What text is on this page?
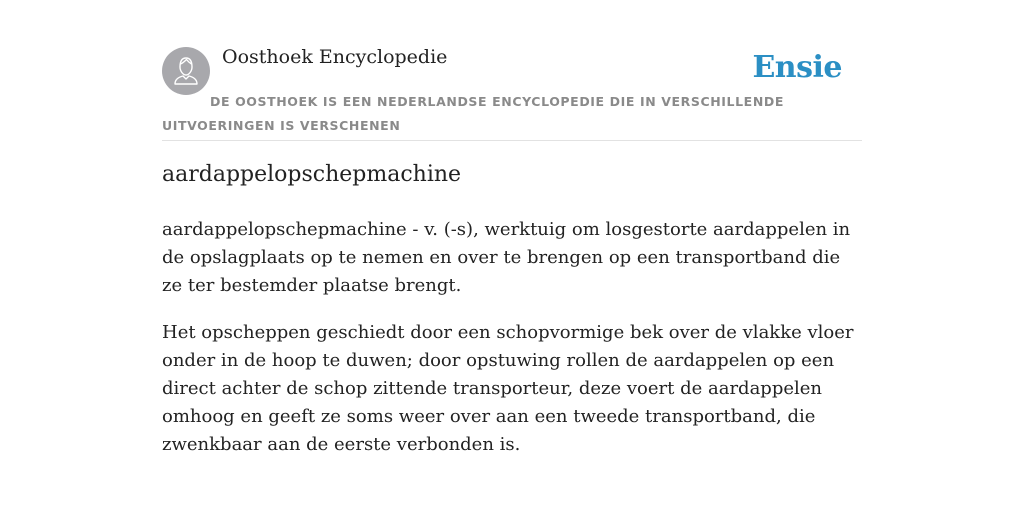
Oosthoek Encyclopedie	Ensie
DE OOSTHOEK IS EEN NEDERLANDSE ENCYCLOPEDIE DIE IN VERSCHILLENDE UITVOERINGEN IS VERSCHENEN
aardappelopschepmachine

aardappelopschepmachine - v. (-s), werktuig om losgestorte aardappelen in de opslagplaats op te nemen en over te brengen op een transportband die ze ter bestemder plaatse brengt.

Het opscheppen geschiedt door een schopvormige bek over de vlakke vloer onder in de hoop te duwen; door opstuwing rollen de aardappelen op een direct achter de schop zittende transporteur, deze voert de aardappelen omhoog en geeft ze soms weer over aan een tweede transportband, die zwenkbaar aan de eerste verbonden is.
